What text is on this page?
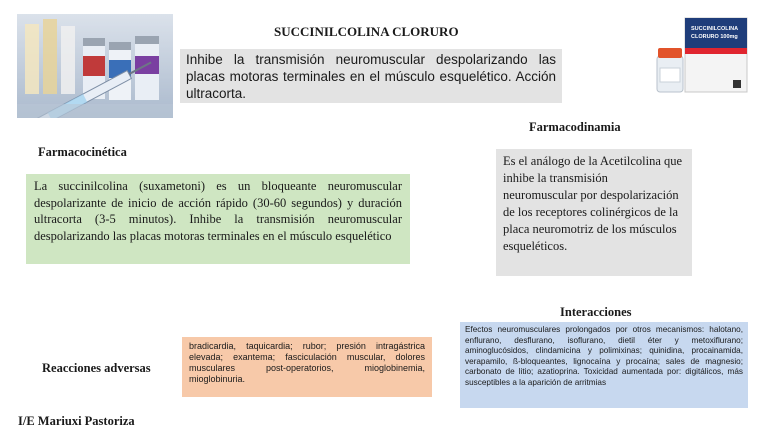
SUCCINILCOLINA
CLORURO 100mg
SUCCINILCOLINA CLORURO
Inhibe la transmisión neuromuscular despolarizando las placas motoras terminales en el músculo esquelético. Acción ultracorta.
Farmacocinética
La succinilcolina (suxametoni) es un bloqueante neuromuscular despolarizante de inicio de acción rápido (30-60 segundos) y duración ultracorta (3-5 minutos). Inhibe la transmisión neuromuscular despolarizando las placas motoras terminales en el músculo esquelético
Farmacodinamia
Es el análogo de la Acetilcolina que inhibe la transmisión neuromuscular por despolarización de los receptores colinérgicos de la placa neuromotriz de los músculos esqueléticos.
Interacciones
Efectos neuromusculares prolongados por otros mecanismos: halotano, enflurano, desflurano, isoflurano, dietil éter y metoxiflurano; aminoglucósidos, clindamicina y polimixinas; quinidina, procainamida, verapamilo, ß-bloqueantes, lignocaína y procaína; sales de magnesio; carbonato de litio; azatioprina. Toxicidad aumentada por: digitálicos, más susceptibles a la aparición de arritmias
Reacciones adversas
bradicardia, taquicardia; rubor; presión intragástrica elevada; exantema; fasciculación muscular, dolores musculares post-operatorios, mioglobinemia, mioglobinuria.
I/E Mariuxi Pastoriza
